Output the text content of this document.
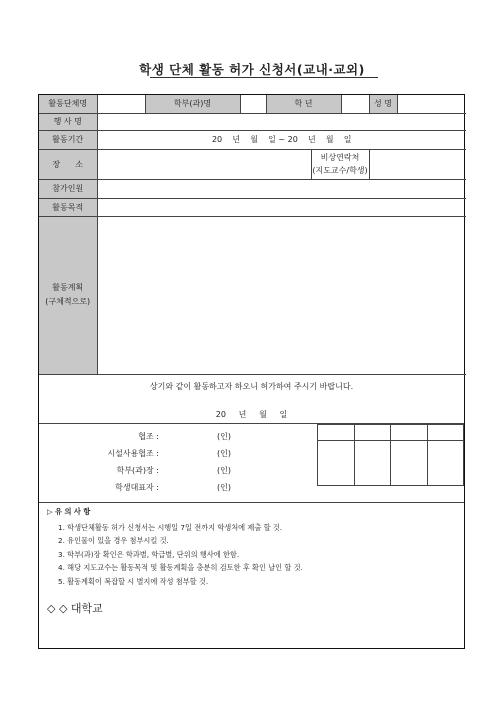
학생 단체 활동 허가 신청서(교내·교외)
활동단체명		학부(과)명		학 년			성 명	
행 사 명								
활동기간	20    년    월    일 ~ 20    년    월    일							
장      소					비상연락처
(지도교수/학생)			

참가인원								
활동목적								

활동계획
(구체적으로)								

상기와 같이 활동하고자 하오니 허가하여 주시기 바랍니다.
20     년     월     일
협조 :	(인)
시설사용협조 :	(인)
학부(과)장 :	(인)
학생대표자 :	(인)

▷ 유 의 사 항
1. 학생단체활동 허가 신청서는 시행일 7일 전까지 학생처에 제출 할 것.
2. 유인물이 있을 경우 첨부시킬 것.
3. 학부(과)장 확인은 학과별, 학급별, 단위의 행사에 한함.
4. 해당 지도교수는 활동목적 및 활동계획을 충분히 검토한 후 확인 날인 할 것.
5. 활동계획이 복잡할 시 별지에 작성 첨부할 것.
◇ ◇ 대학교
